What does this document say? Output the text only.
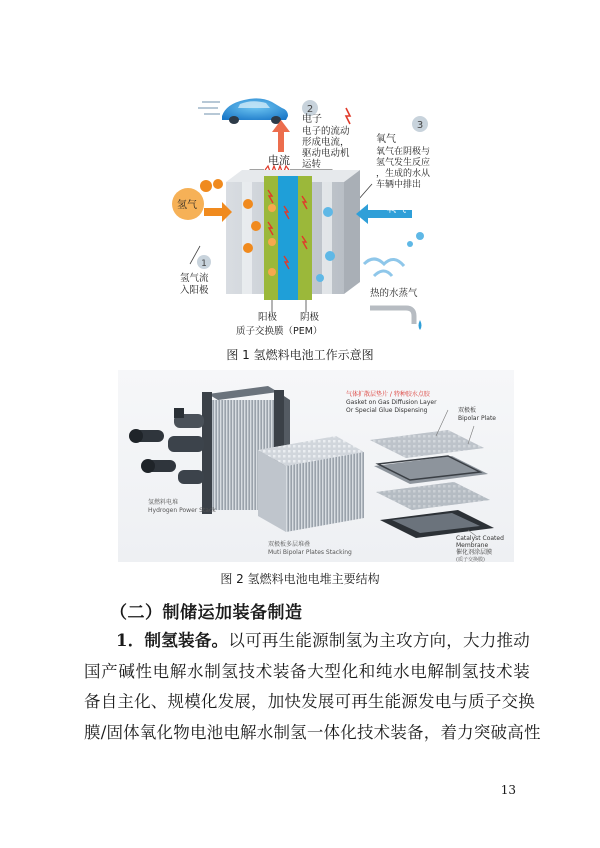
2
电子
电子的流动
形成电流，
驱动电动机
运转
电流
3
氧气
氧气在阴极与
氢气发生反应
，生成的水从
车辆中排出
氢气
1
氢气流
入阳极
氧气
热的水蒸气
阳极 阴极
质子交换膜（PEM）
图 1 氢燃料电池工作示意图
氢燃料电堆
Hydrogen Power Stack
双极板多层堆叠
Muti Bipolar Plates Stacking
气体扩散层垫片 / 特种胶水点胶
Gasket on Gas Diffusion Layer
Or Special Glue Dispensing	双极板
Bipolar Plate
Catalyst Coated
Membrane
催化剂涂层膜
(质子交换膜)
图 2 氢燃料电池电堆主要结构
（二）制储运加装备制造

1．制氢装备。以可再生能源制氢为主攻方向，大力推动
国产碱性电解水制氢技术装备大型化和纯水电解制氢技术装
备自主化、规模化发展，加快发展可再生能源发电与质子交换
膜/固体氧化物电池电解水制氢一体化技术装备，着力突破高性

13
